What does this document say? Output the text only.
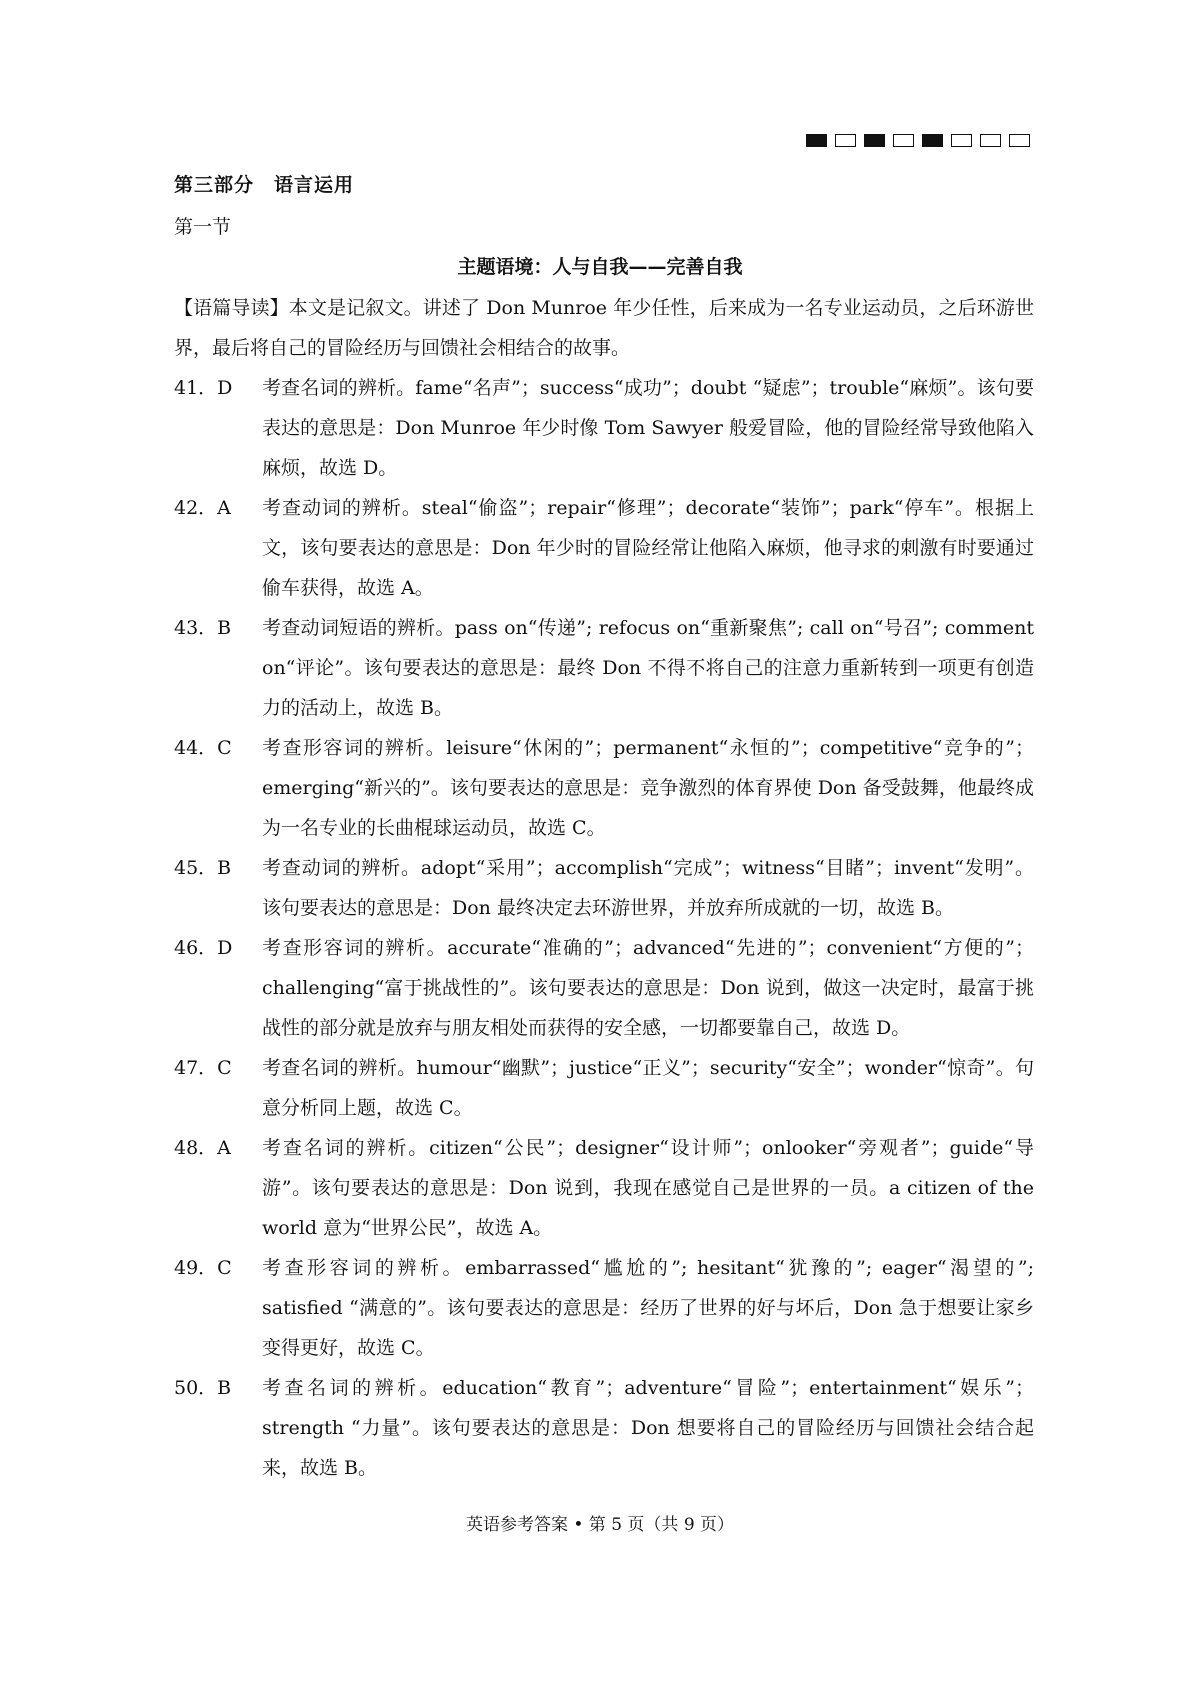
第三部分　语言运用
第一节
主题语境：人与自我——完善自我
【语篇导读】本文是记叙文。讲述了 Don Munroe 年少任性，后来成为一名专业运动员，之后环游世界，最后将自己的冒险经历与回馈社会相结合的故事。
41．D	考查名词的辨析。fame“名声”；success“成功”；doubt “疑虑”；trouble“麻烦”。该句要表达的意思是：Don Munroe 年少时像 Tom Sawyer 般爱冒险，他的冒险经常导致他陷入麻烦，故选 D。
42．A	考查动词的辨析。steal“偷盗”；repair“修理”；decorate“装饰”；park“停车”。根据上文，该句要表达的意思是：Don 年少时的冒险经常让他陷入麻烦，他寻求的刺激有时要通过偷车获得，故选 A。
43．B	考查动词短语的辨析。pass on“传递”; refocus on“重新聚焦”; call on“号召”; comment on“评论”。该句要表达的意思是：最终 Don 不得不将自己的注意力重新转到一项更有创造力的活动上，故选 B。
44．C	考查形容词的辨析。leisure“休闲的”；permanent“永恒的”；competitive“竞争的”；emerging“新兴的”。该句要表达的意思是：竞争激烈的体育界使 Don 备受鼓舞，他最终成为一名专业的长曲棍球运动员，故选 C。
45．B	考查动词的辨析。adopt“采用”；accomplish“完成”；witness“目睹”；invent“发明”。该句要表达的意思是：Don 最终决定去环游世界，并放弃所成就的一切，故选 B。
46．D	考查形容词的辨析。accurate“准确的”；advanced“先进的”；convenient“方便的”；challenging“富于挑战性的”。该句要表达的意思是：Don 说到，做这一决定时，最富于挑战性的部分就是放弃与朋友相处而获得的安全感，一切都要靠自己，故选 D。
47．C	考查名词的辨析。humour“幽默”；justice“正义”；security“安全”；wonder“惊奇”。句意分析同上题，故选 C。
48．A	考查名词的辨析。citizen“公民”；designer“设计师”；onlooker“旁观者”；guide“导游”。该句要表达的意思是：Don 说到，我现在感觉自己是世界的一员。a citizen of the world 意为“世界公民”，故选 A。
49．C	考查形容词的辨析。embarrassed“尴尬的”; hesitant“犹豫的”; eager“渴望的”; satisfied “满意的”。该句要表达的意思是：经历了世界的好与坏后，Don 急于想要让家乡变得更好，故选 C。
50．B	考查名词的辨析。education“教育”；adventure“冒险”；entertainment“娱乐”；strength “力量”。该句要表达的意思是：Don 想要将自己的冒险经历与回馈社会结合起来，故选 B。
英语参考答案 • 第 5 页（共 9 页）
